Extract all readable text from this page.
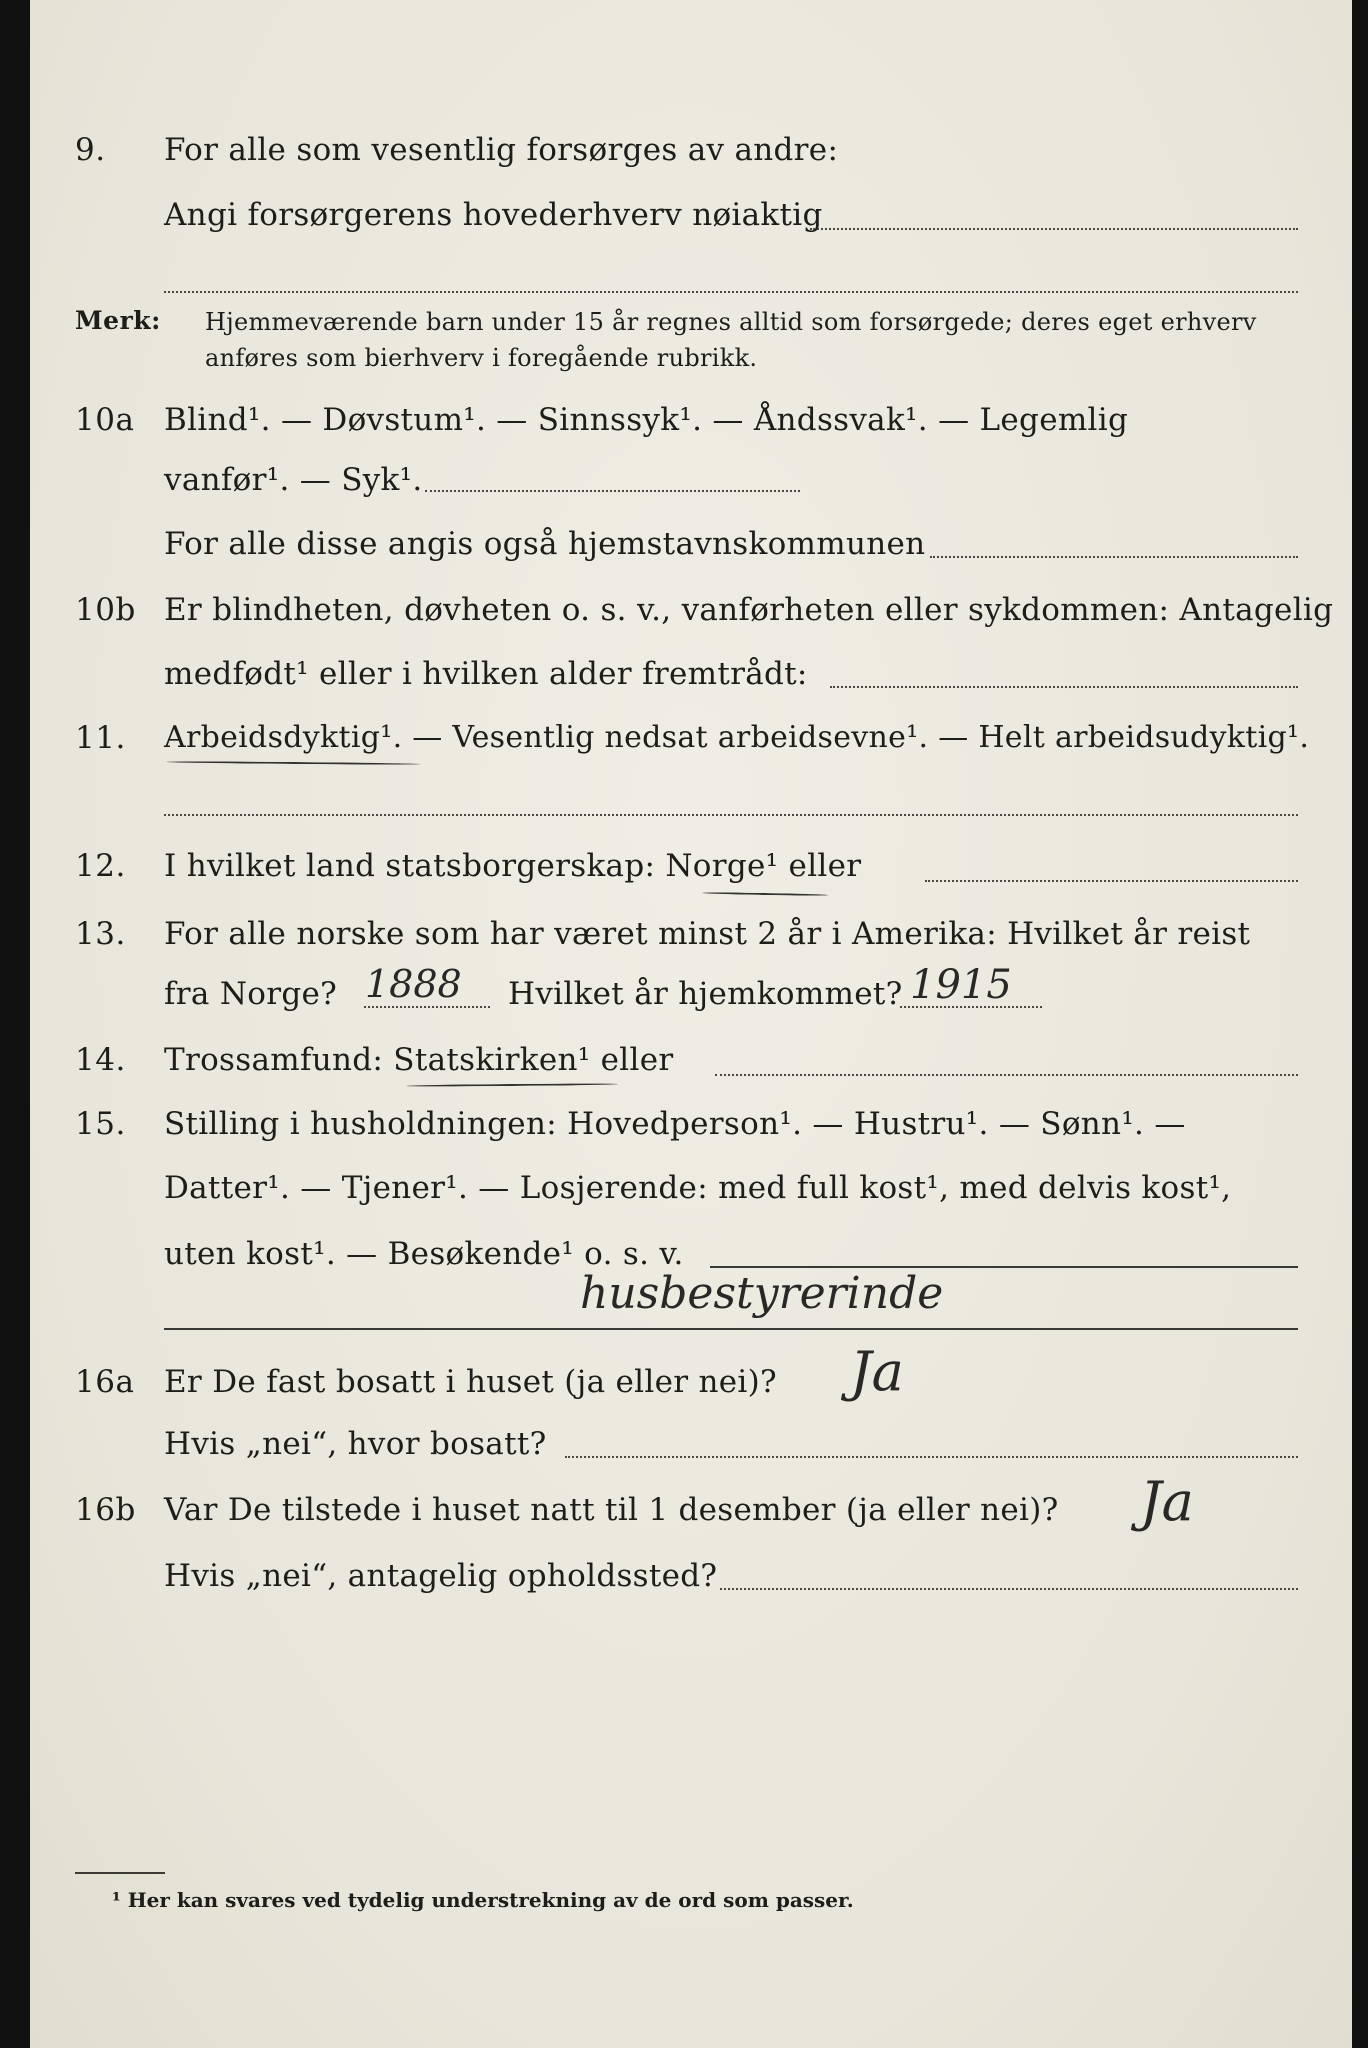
9. For alle som vesentlig forsørges av andre:
Angi forsørgerens hovederhverv nøiaktig
Merk: Hjemmeværende barn under 15 år regnes alltid som forsørgede; deres eget erhverv
anføres som bierhverv i foregående rubrikk.
10a Blind¹. — Døvstum¹. — Sinnssyk¹. — Åndssvak¹. — Legemlig
vanfør¹. — Syk¹.
For alle disse angis også hjemstavnskommunen
10b Er blindheten, døvheten o. s. v., vanførheten eller sykdommen: Antagelig
medfødt¹ eller i hvilken alder fremtrådt:
11. Arbeidsdyktig¹. — Vesentlig nedsat arbeidsevne¹. — Helt arbeidsudyktig¹.
12. I hvilket land statsborgerskap: Norge¹ eller
13. For alle norske som har været minst 2 år i Amerika: Hvilket år reist
fra Norge? 1888 Hvilket år hjemkommet? 1915
14. Trossamfund: Statskirken¹ eller
15. Stilling i husholdningen: Hovedperson¹. — Hustru¹. — Sønn¹. —
Datter¹. — Tjener¹. — Losjerende: med full kost¹, med delvis kost¹,
uten kost¹. — Besøkende¹ o. s. v.
husbestyrerinde
16a Er De fast bosatt i huset (ja eller nei)? Ja
Hvis „nei“, hvor bosatt?
16b Var De tilstede i huset natt til 1 desember (ja eller nei)? Ja
Hvis „nei“, antagelig opholdssted?
¹ Her kan svares ved tydelig understrekning av de ord som passer.
